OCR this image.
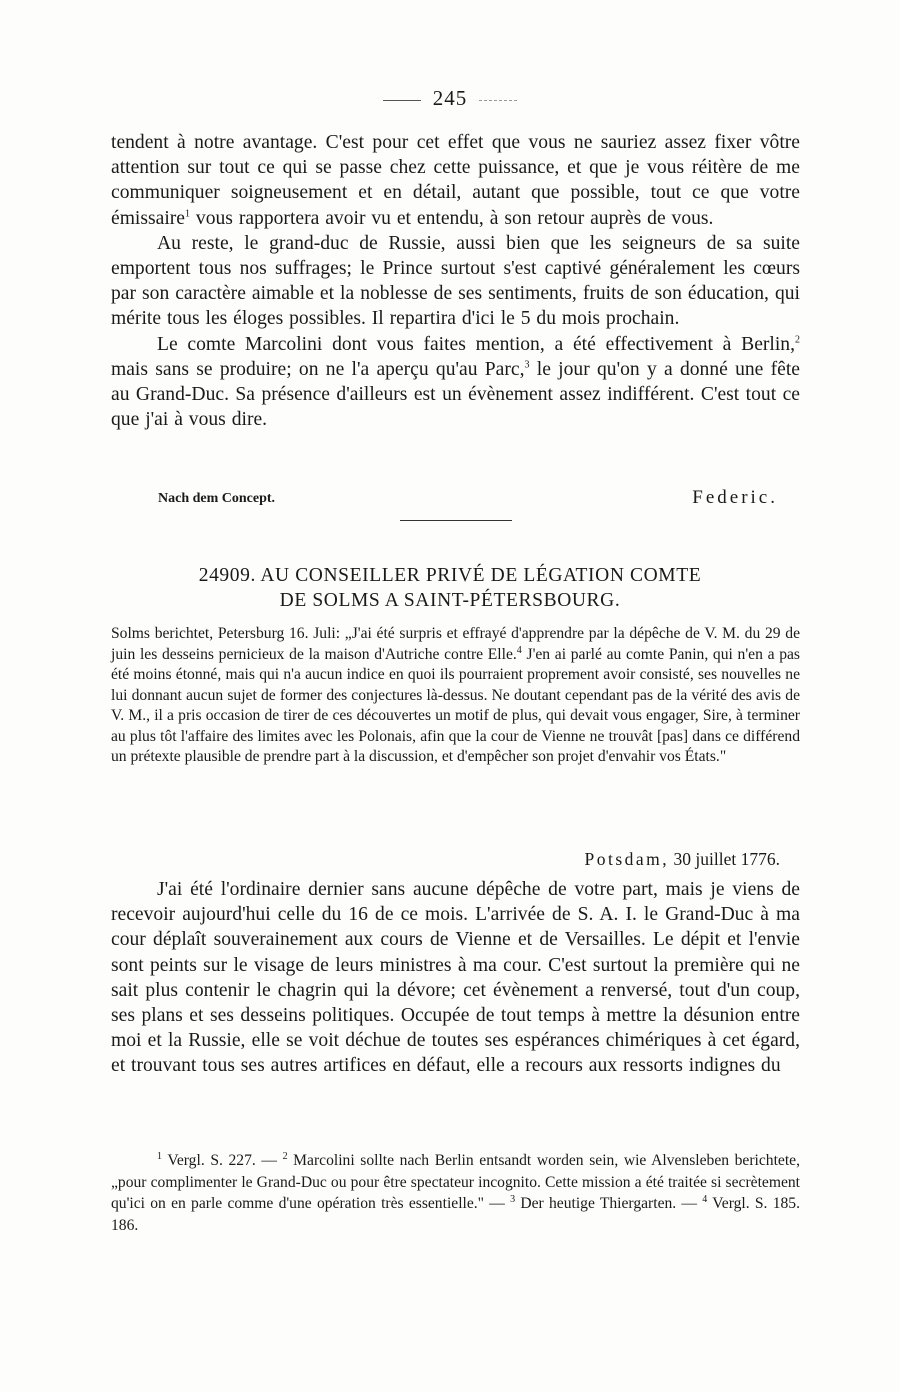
245

tendent à notre avantage. C'est pour cet effet que vous ne sauriez assez fixer vôtre attention sur tout ce qui se passe chez cette puissance, et que je vous réitère de me communiquer soigneusement et en détail, autant que possible, tout ce que votre émissaire$^1$ vous rapportera avoir vu et entendu, à son retour auprès de vous.

Au reste, le grand-duc de Russie, aussi bien que les seigneurs de sa suite emportent tous nos suffrages; le Prince surtout s'est captivé généralement les cœurs par son caractère aimable et la noblesse de ses sentiments, fruits de son éducation, qui mérite tous les éloges possibles. Il repartira d'ici le 5 du mois prochain.

Le comte Marcolini dont vous faites mention, a été effectivement à Berlin,$^2$ mais sans se produire; on ne l'a aperçu qu'au Parc,$^3$ le jour qu'on y a donné une fête au Grand-Duc. Sa présence d'ailleurs est un évènement assez indifférent. C'est tout ce que j'ai à vous dire.

Nach dem Concept.	Federic.
24909. AU CONSEILLER PRIVÉ DE LÉGATION COMTE
DE SOLMS A SAINT-PÉTERSBOURG.

Solms berichtet, Petersburg 16. Juli: „J'ai été surpris et effrayé d'apprendre par la dépêche de V. M. du 29 de juin les desseins pernicieux de la maison d'Autriche contre Elle.$^4$ J'en ai parlé au comte Panin, qui n'en a pas été moins étonné, mais qui n'a aucun indice en quoi ils pourraient proprement avoir consisté, ses nouvelles ne lui donnant aucun sujet de former des conjectures là-dessus. Ne doutant cependant pas de la vérité des avis de V. M., il a pris occasion de tirer de ces découvertes un motif de plus, qui devait vous engager, Sire, à terminer au plus tôt l'affaire des limites avec les Polonais, afin que la cour de Vienne ne trouvât [pas] dans ce différend un prétexte plausible de prendre part à la discussion, et d'empêcher son projet d'envahir vos États."

Potsdam, 30 juillet 1776.

J'ai été l'ordinaire dernier sans aucune dépêche de votre part, mais je viens de recevoir aujourd'hui celle du 16 de ce mois. L'arrivée de S. A. I. le Grand-Duc à ma cour déplaît souverainement aux cours de Vienne et de Versailles. Le dépit et l'envie sont peints sur le visage de leurs ministres à ma cour. C'est surtout la première qui ne sait plus contenir le chagrin qui la dévore; cet évènement a renversé, tout d'un coup, ses plans et ses desseins politiques. Occupée de tout temps à mettre la désunion entre moi et la Russie, elle se voit déchue de toutes ses espérances chimériques à cet égard, et trouvant tous ses autres artifices en défaut, elle a recours aux ressorts indignes du

$^1$ Vergl. S. 227. — $^2$ Marcolini sollte nach Berlin entsandt worden sein, wie Alvensleben berichtete, „pour complimenter le Grand-Duc ou pour être spectateur incognito. Cette mission a été traitée si secrètement qu'ici on en parle comme d'une opération très essentielle." — $^3$ Der heutige Thiergarten. — $^4$ Vergl. S. 185. 186.
